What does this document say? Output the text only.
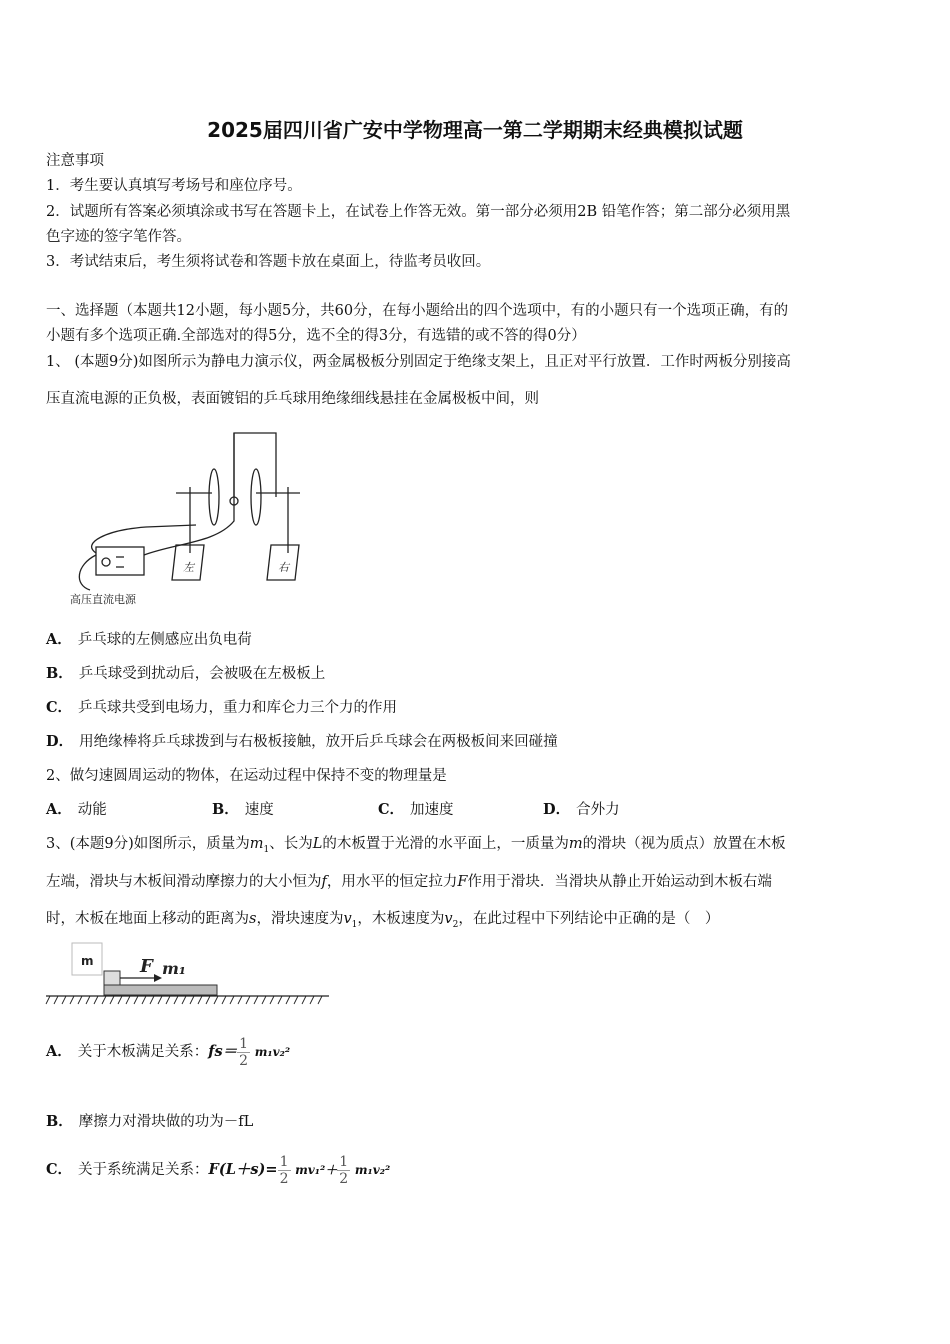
2025届四川省广安中学物理高一第二学期期末经典模拟试题
注意事项
1．考生要认真填写考场号和座位序号。
2．试题所有答案必须填涂或书写在答题卡上，在试卷上作答无效。第一部分必须用2B 铅笔作答；第二部分必须用黑
色字迹的签字笔作答。
3．考试结束后，考生须将试卷和答题卡放在桌面上，待监考员收回。
一、选择题（本题共12小题，每小题5分，共60分，在每小题给出的四个选项中，有的小题只有一个选项正确，有的
小题有多个选项正确.全部选对的得5分，选不全的得3分，有选错的或不答的得0分）
1、 (本题9分)如图所示为静电力演示仪，两金属极板分别固定于绝缘支架上，且正对平行放置．工作时两板分别接高
压直流电源的正负极，表面镀铝的乒乓球用绝缘细线悬挂在金属极板中间，则
左	右
高压直流电源
A． 乒乓球的左侧感应出负电荷
B． 乒乓球受到扰动后，会被吸在左极板上
C． 乒乓球共受到电场力，重力和库仑力三个力的作用
D． 用绝缘棒将乒乓球拨到与右极板接触，放开后乒乓球会在两极板间来回碰撞
2、做匀速圆周运动的物体，在运动过程中保持不变的物理量是
A． 动能	B． 速度	C． 加速度	D． 合外力
3、(本题9分)如图所示，质量为$m_1$、长为L的木板置于光滑的水平面上，一质量为m的滑块（视为质点）放置在木板
左端，滑块与木板间滑动摩擦力的大小恒为f，用水平的恒定拉力F作用于滑块．当滑块从静止开始运动到木板右端
时，木板在地面上移动的距离为s，滑块速度为$v_1$，木板速度为$v_2$，在此过程中下列结论中正确的是（　）
m	F m₁
A． 关于木板满足关系：$fs= \frac{1}{2} m_1v_2^2$
B． 摩擦力对滑块做的功为－fL
C． 关于系统满足关系：$F(L+s)= \frac{1}{2} mv_1^2+ \frac{1}{2} m_1v_2^2$
